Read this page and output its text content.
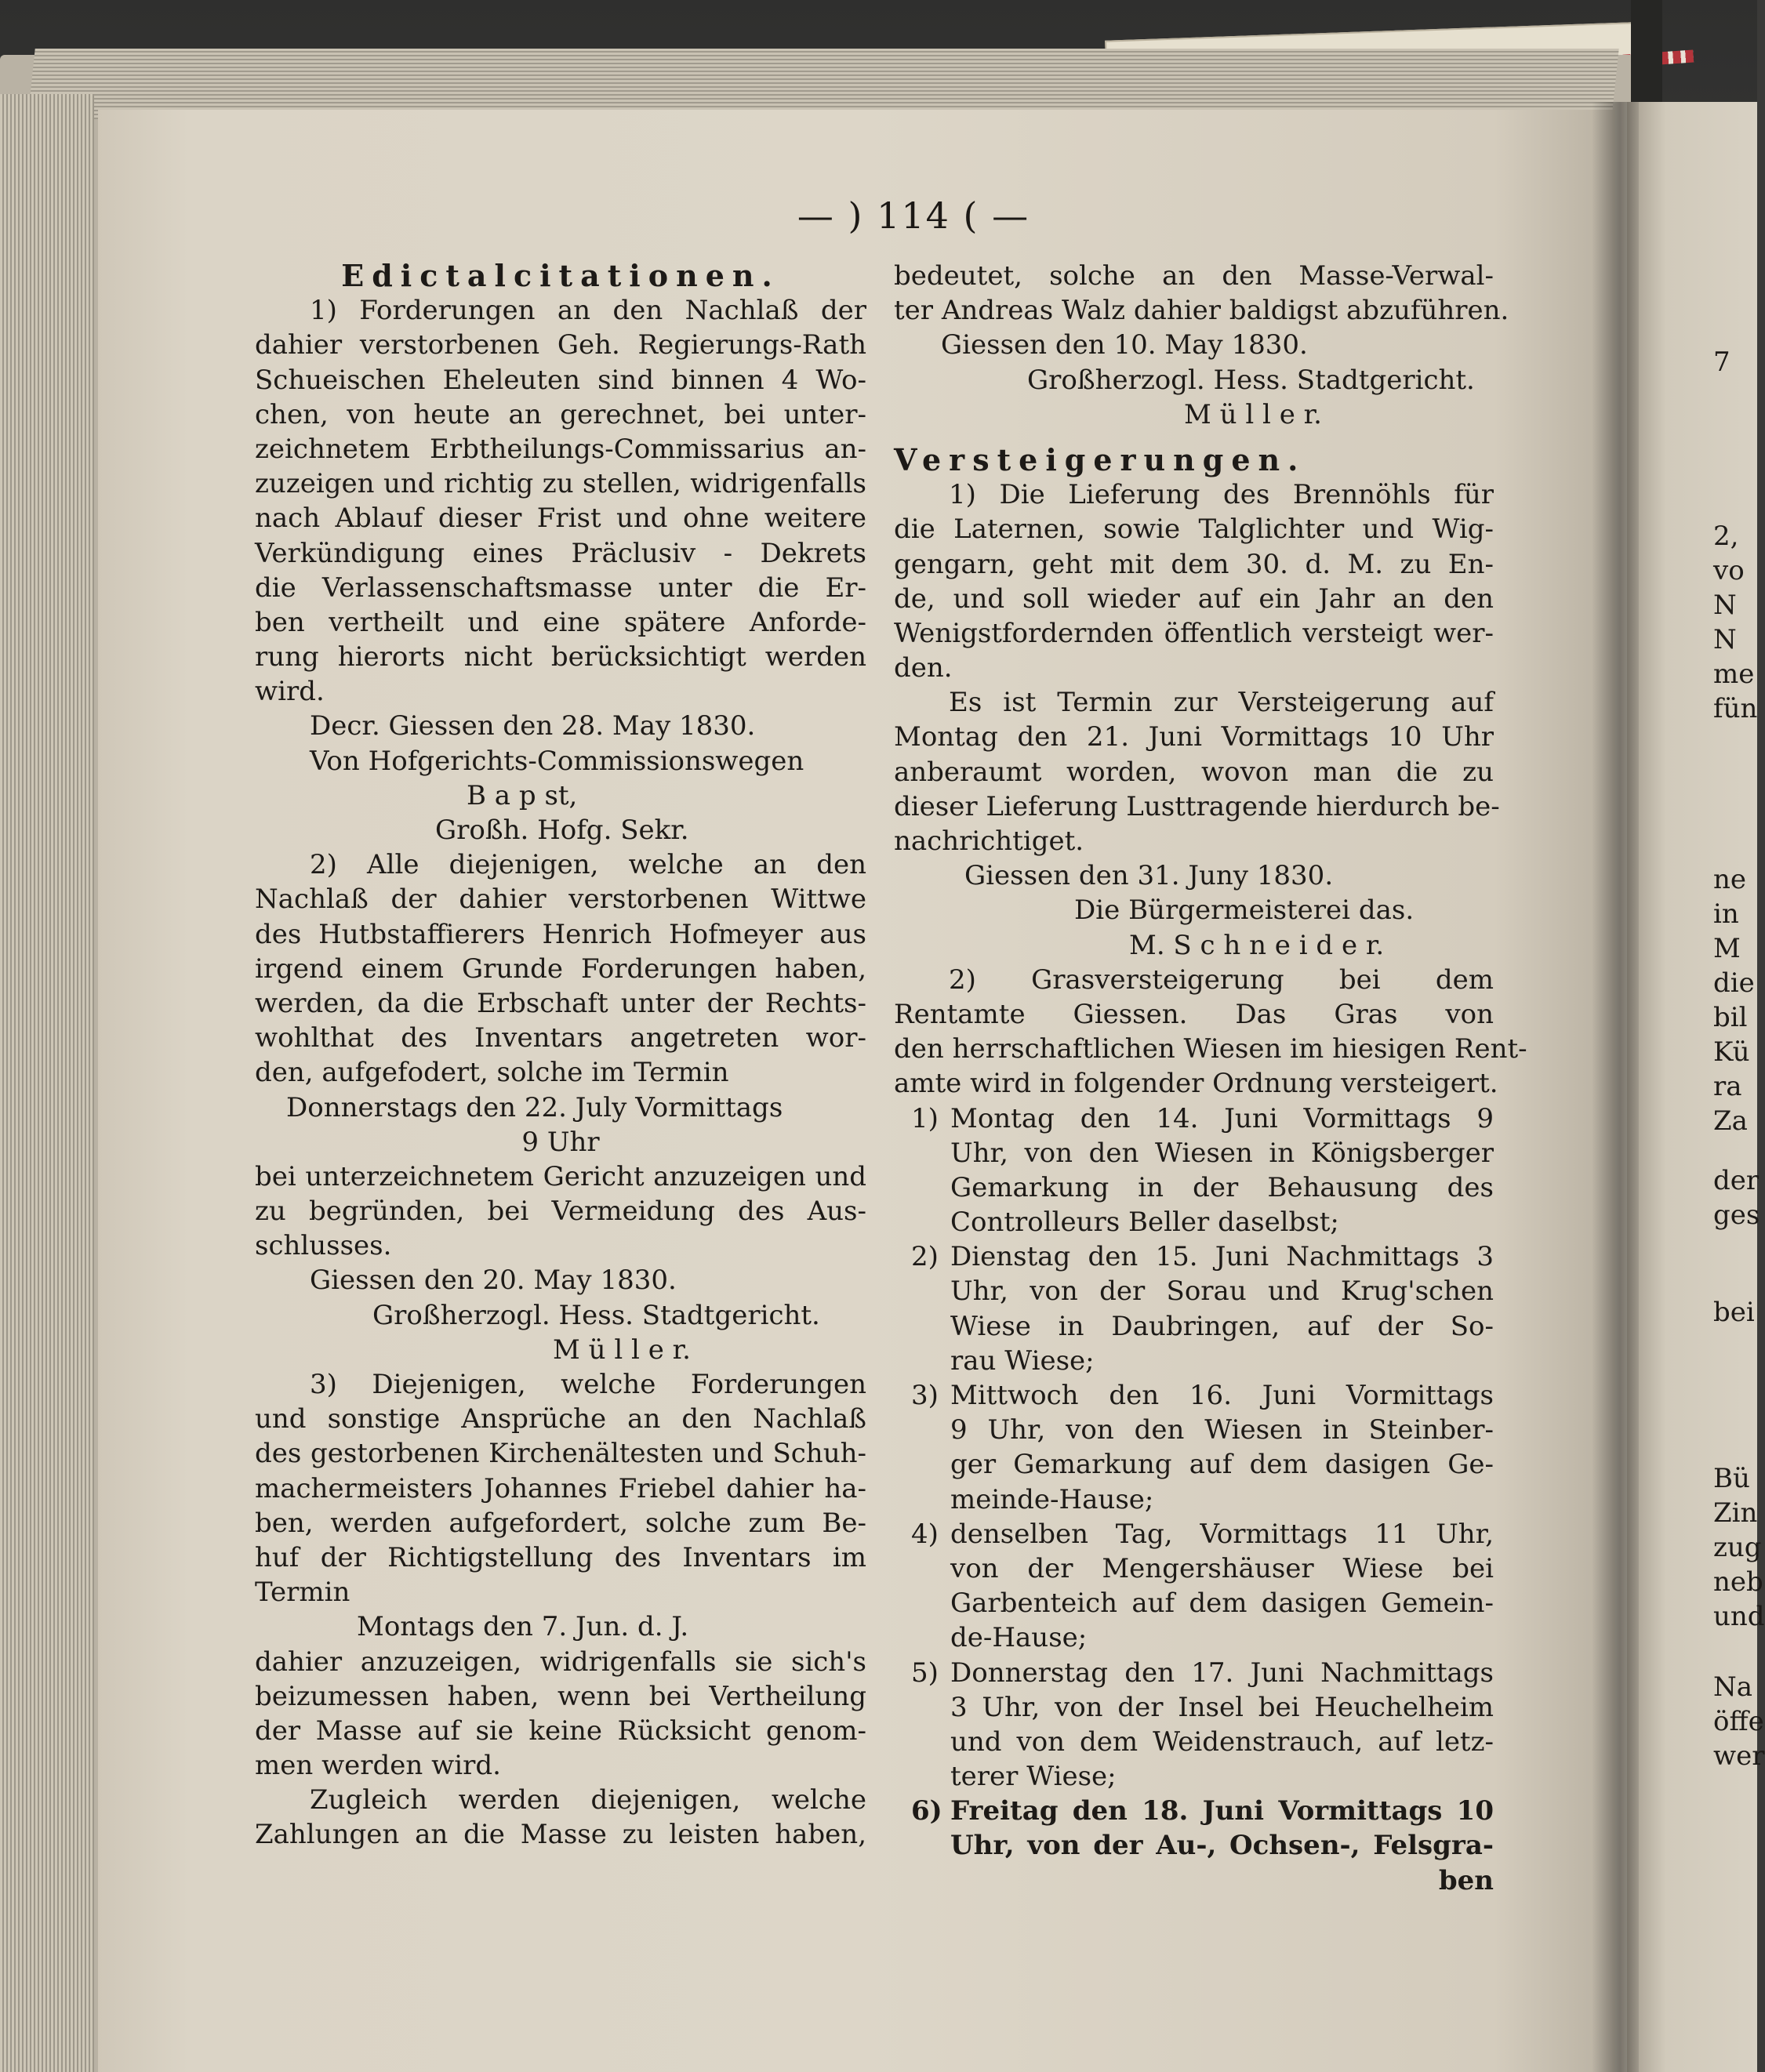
— ) 114 ( —
Edictalcitationen.
1) Forderungen an den Nachlaß der
dahier verstorbenen Geh. Regierungs-Rath
Schueischen Eheleuten sind binnen 4 Wo-
chen, von heute an gerechnet, bei unter-
zeichnetem Erbtheilungs-Commissarius an-
zuzeigen und richtig zu stellen, widrigenfalls
nach Ablauf dieser Frist und ohne weitere
Verkündigung eines Präclusiv - Dekrets
die Verlassenschaftsmasse unter die Er-
ben vertheilt und eine spätere Anforde-
rung hierorts nicht berücksichtigt werden
wird.
Decr. Giessen den 28. May 1830.
Von Hofgerichts-Commissionswegen
B a p st,
Großh. Hofg. Sekr.
2) Alle diejenigen, welche an den
Nachlaß der dahier verstorbenen Wittwe
des Hutbstaffierers Henrich Hofmeyer aus
irgend einem Grunde Forderungen haben,
werden, da die Erbschaft unter der Rechts-
wohlthat des Inventars angetreten wor-
den, aufgefodert, solche im Termin
Donnerstags den 22. July Vormittags
9 Uhr
bei unterzeichnetem Gericht anzuzeigen und
zu begründen, bei Vermeidung des Aus-
schlusses.
Giessen den 20. May 1830.
Großherzogl. Hess. Stadtgericht.
M ü l l e r.
3) Diejenigen, welche Forderungen
und sonstige Ansprüche an den Nachlaß
des gestorbenen Kirchenältesten und Schuh-
machermeisters Johannes Friebel dahier ha-
ben, werden aufgefordert, solche zum Be-
huf der Richtigstellung des Inventars im
Termin
Montags den 7. Jun. d. J.
dahier anzuzeigen, widrigenfalls sie sich's
beizumessen haben, wenn bei Vertheilung
der Masse auf sie keine Rücksicht genom-
men werden wird.
Zugleich werden diejenigen, welche
Zahlungen an die Masse zu leisten haben,
bedeutet, solche an den Masse-Verwal-
ter Andreas Walz dahier baldigst abzuführen.
Giessen den 10. May 1830.
Großherzogl. Hess. Stadtgericht.
M ü l l e r.
Versteigerungen.
1) Die Lieferung des Brennöhls für
die Laternen, sowie Talglichter und Wig-
gengarn, geht mit dem 30. d. M. zu En-
de, und soll wieder auf ein Jahr an den
Wenigstfordernden öffentlich versteigt wer-
den.
Es ist Termin zur Versteigerung auf
Montag den 21. Juni Vormittags 10 Uhr
anberaumt worden, wovon man die zu
dieser Lieferung Lusttragende hierdurch be-
nachrichtiget.
Giessen den 31. Juny 1830.
Die Bürgermeisterei das.
M. S c h n e i d e r.
2) Grasversteigerung bei dem
Rentamte Giessen. Das Gras von
den herrschaftlichen Wiesen im hiesigen Rent-
amte wird in folgender Ordnung versteigert.
1) Montag den 14. Juni Vormittags 9
Uhr, von den Wiesen in Königsberger
Gemarkung in der Behausung des
Controlleurs Beller daselbst;
2) Dienstag den 15. Juni Nachmittags 3
Uhr, von der Sorau und Krug'schen
Wiese in Daubringen, auf der So-
rau Wiese;
3) Mittwoch den 16. Juni Vormittags
9 Uhr, von den Wiesen in Steinber-
ger Gemarkung auf dem dasigen Ge-
meinde-Hause;
4) denselben Tag, Vormittags 11 Uhr,
von der Mengershäuser Wiese bei
Garbenteich auf dem dasigen Gemein-
de-Hause;
5) Donnerstag den 17. Juni Nachmittags
3 Uhr, von der Insel bei Heuchelheim
und von dem Weidenstrauch, auf letz-
terer Wiese;
6) Freitag den 18. Juni Vormittags 10
Uhr, von der Au-, Ochsen-, Felsgra-
ben
7
2,
vo
N
N
me
fün
ne
in
M
die
bil
Kü
ra
Za
der
ges
bei
Bü
Zin
zug
neb
und
Na
öffe
wer
